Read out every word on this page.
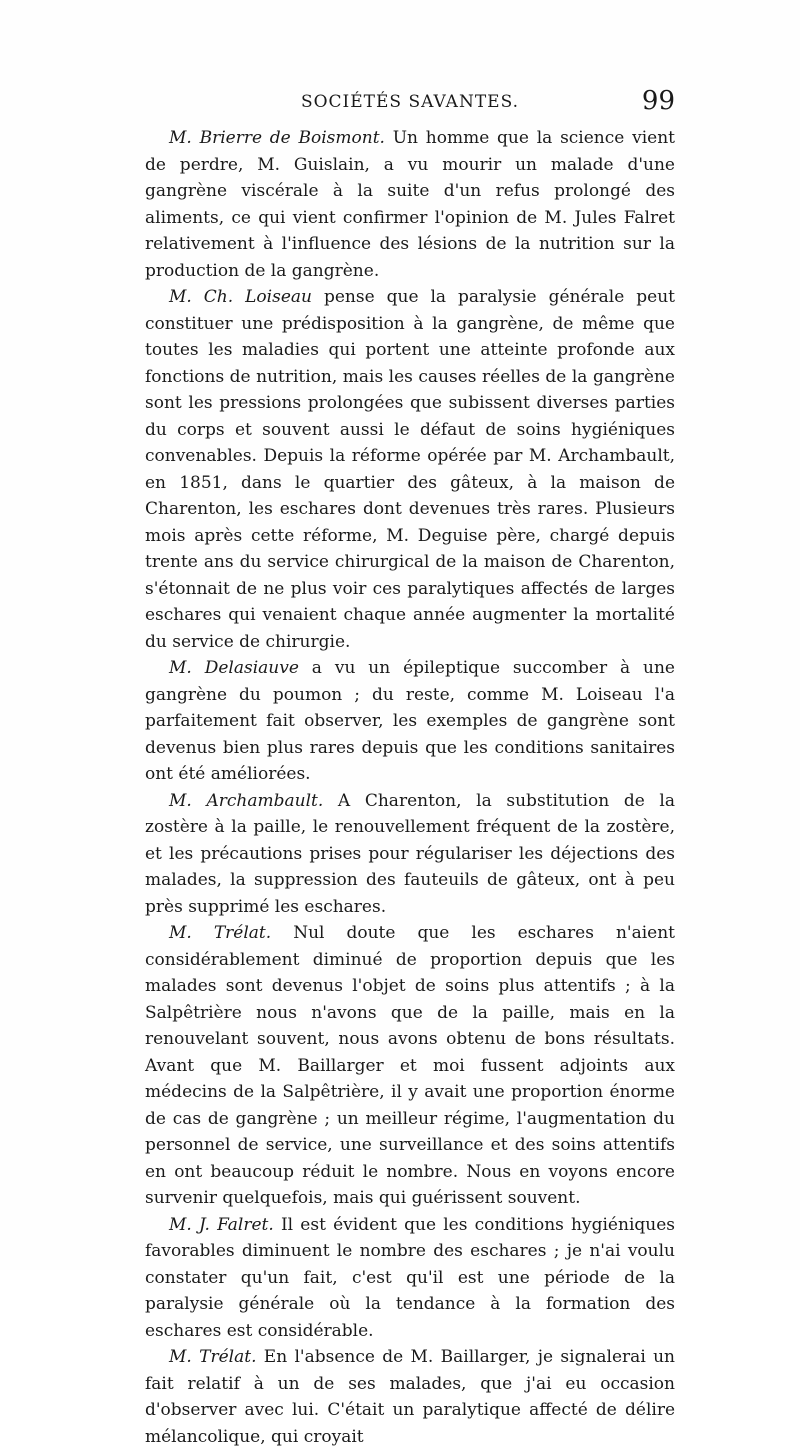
SOCIÉTÉS SAVANTES.	99

M. Brierre de Boismont. Un homme que la science vient de perdre, M. Guislain, a vu mourir un malade d'une gangrène viscérale à la suite d'un refus prolongé des aliments, ce qui vient confirmer l'opinion de M. Jules Falret relativement à l'influence des lésions de la nutrition sur la production de la gangrène.

M. Ch. Loiseau pense que la paralysie générale peut constituer une prédisposition à la gangrène, de même que toutes les maladies qui portent une atteinte profonde aux fonctions de nutrition, mais les causes réelles de la gangrène sont les pressions prolongées que subissent diverses parties du corps et souvent aussi le défaut de soins hygiéniques convenables. Depuis la réforme opérée par M. Archambault, en 1851, dans le quartier des gâteux, à la maison de Charenton, les eschares dont devenues très rares. Plusieurs mois après cette réforme, M. Deguise père, chargé depuis trente ans du service chirurgical de la maison de Charenton, s'étonnait de ne plus voir ces paralytiques affectés de larges eschares qui venaient chaque année augmenter la mortalité du service de chirurgie.

M. Delasiauve a vu un épileptique succomber à une gangrène du poumon ; du reste, comme M. Loiseau l'a parfaitement fait observer, les exemples de gangrène sont devenus bien plus rares depuis que les conditions sanitaires ont été améliorées.

M. Archambault. A Charenton, la substitution de la zostère à la paille, le renouvellement fréquent de la zostère, et les précautions prises pour régulariser les déjections des malades, la suppression des fauteuils de gâteux, ont à peu près supprimé les eschares.

M. Trélat. Nul doute que les eschares n'aient considérablement diminué de proportion depuis que les malades sont devenus l'objet de soins plus attentifs ; à la Salpêtrière nous n'avons que de la paille, mais en la renouvelant souvent, nous avons obtenu de bons résultats. Avant que M. Baillarger et moi fussent adjoints aux médecins de la Salpêtrière, il y avait une proportion énorme de cas de gangrène ; un meilleur régime, l'augmentation du personnel de service, une surveillance et des soins attentifs en ont beaucoup réduit le nombre. Nous en voyons encore survenir quelquefois, mais qui guérissent souvent.

M. J. Falret. Il est évident que les conditions hygiéniques favorables diminuent le nombre des eschares ; je n'ai voulu constater qu'un fait, c'est qu'il est une période de la paralysie générale où la tendance à la formation des eschares est considérable.

M. Trélat. En l'absence de M. Baillarger, je signalerai un fait relatif à un de ses malades, que j'ai eu occasion d'observer avec lui. C'était un paralytique affecté de délire mélancolique, qui croyait
